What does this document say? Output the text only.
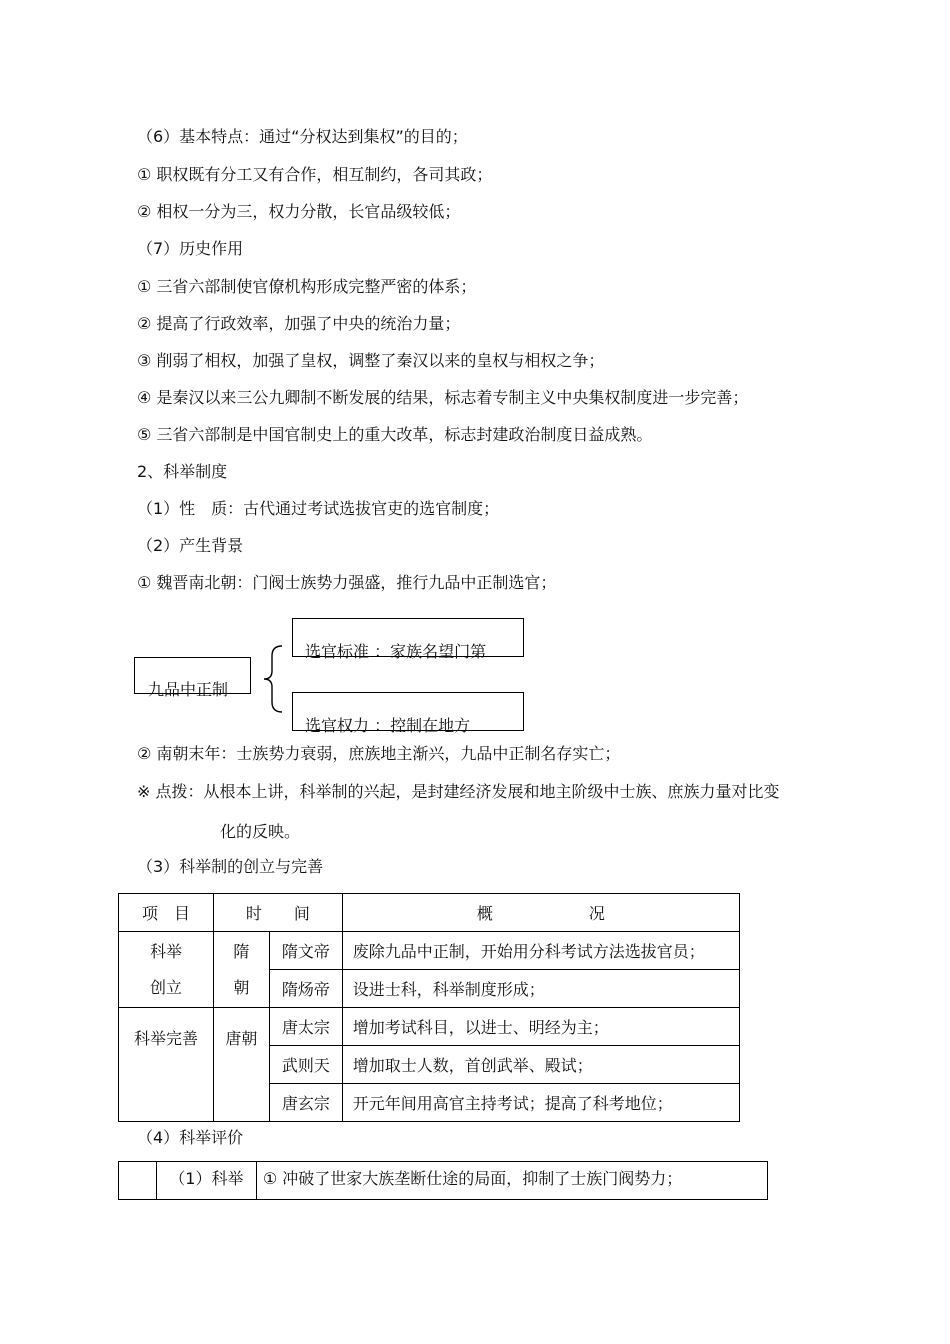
（6）基本特点：通过“分权达到集权”的目的；
① 职权既有分工又有合作，相互制约，各司其政；
② 相权一分为三，权力分散，长官品级较低；
（7）历史作用
① 三省六部制使官僚机构形成完整严密的体系；
② 提高了行政效率，加强了中央的统治力量；
③ 削弱了相权，加强了皇权，调整了秦汉以来的皇权与相权之争；
④ 是秦汉以来三公九卿制不断发展的结果，标志着专制主义中央集权制度进一步完善；
⑤ 三省六部制是中国官制史上的重大改革，标志封建政治制度日益成熟。
2、科举制度
（1）性　质：古代通过考试选拔官吏的选官制度；
（2）产生背景
① 魏晋南北朝：门阀士族势力强盛，推行九品中正制选官；
九品中正制
选官标准 ：家族名望门第
选官权力 ：控制在地方
② 南朝末年：士族势力衰弱，庶族地主渐兴，九品中正制名存实亡；
※ 点拨：从根本上讲，科举制的兴起，是封建经济发展和地主阶级中士族、庶族力量对比变
化的反映。
（3）科举制的创立与完善
项　目	时　　间		概　　　　　　况
科举创立	隋朝	隋文帝	废除九品中正制，开始用分科考试方法选拔官员；
		隋炀帝	设进士科，科举制度形成；
科举完善	唐朝	唐太宗	增加考试科目，以进士、明经为主；
		武则天	增加取士人数，首创武举、殿试；
		唐玄宗	开元年间用高官主持考试；提高了科考地位；
（4）科举评价
	（1）科举	① 冲破了世家大族垄断仕途的局面，抑制了士族门阀势力；
